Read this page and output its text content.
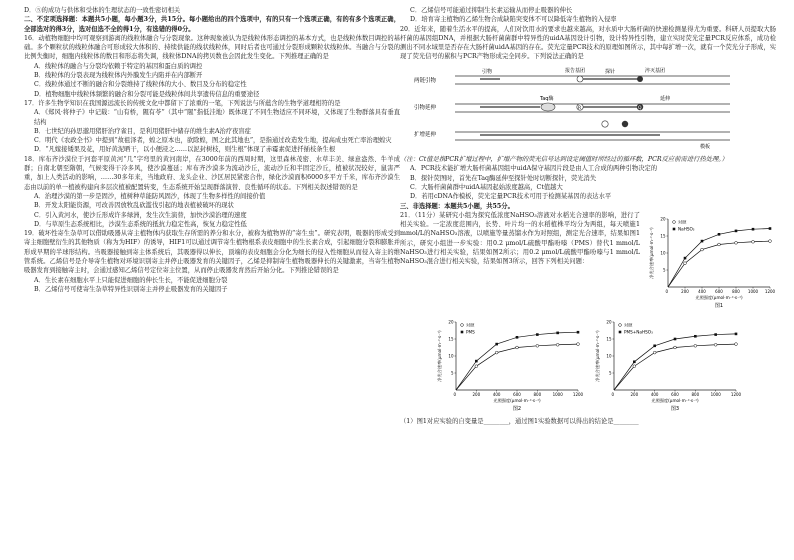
D．⑤的成功与供体和受体的生理状态的一致性密切相关

二、不定项选择题：本题共5小题，每小题3分，共15分。每小题给出的四个选项中，有的只有一个选项正确，有的有多个选项正确，全部选对的得3分，选对但选不全的得1分，有选错的得0分。

16．动植物细胞中均可观察到游离的线粒体融合与分裂现象。这种现象被认为是线粒体形态调控的基本方式，也是线粒体数目调控的基础。多个颗粒状的线粒体融合可形成较大体积的、持续供能的线状线粒体，同时后者也可通过分裂形成颗粒状线粒体。当融合与分裂的比例失衡时，细胞内线粒体的数目和形态将失调，线粒体DNA的拷贝数也会因此发生变化。下列推理正确的是

A．线粒体的融合与分裂均依赖于特定的基因和蛋白质的调控

B．线粒体的分裂表现为线粒体内外膜发生内陷并在内部断开

C．线粒体通过不断的融合和分裂维持了线粒体的大小、数目及分布的稳定性

D．植物细胞中线粒体频繁的融合和分裂可能是线粒体间共享遗传信息的重要途径

17．许多生物学知识在我国源远流长的传统文化中都留下了浓重的一笔，下列说法与所蕴含的生物学道理相符的是

A．《郑风·将仲子》中记载：“山有桥，隰有苓”（其中“隰”指低洼地）既体现了不同生物适应不同环境，又体现了生物群落具有垂直结构

B．七世纪的孙思邈用猪肝治疗雀目，是利用猪肝中储存的维生素A治疗夜盲症

C．明代《农政全书》中提到“故祖泽者，蝗之原本也，欲除蝗，图之此其地也”，是指通过改造发生地，提高成虫死亡率治理蝗灾

D．“凡嫁接矮果及花，用好黄泥晒干，以小便浸之……以泥封树枝，则生根”体现了赤霉素促进扦插枝条生根

18．库布齐沙漠位于河套平原黄河“几”字弯里的黄河南岸，在3000年前的西周时期，这里森林茂密、水草丰美、绿意盎然、牛羊成群；自南北朝至隋朝，气候变得干冷多风，使沙漠蔓延；库布齐沙漠多为流动沙丘，流动沙丘和半固定沙丘，植被状况较好，鼠害严重，加上人类活动的影响，……30多年来，当地政府、龙头企业、沙区居民紧密合作，绿化沙漠面积6000多平方千米，库布齐沙漠生态由以前的单一植被构建向多层次植被配置转变，生态系统开始呈现群落演替、良性循环的状态。下列相关叙述错误的是

A．治理沙漠的第一步是固沙，植树种草能防风固沙，体现了生物多样性的间接价值

B．开发太阳能资源，可改善因放牧乱砍滥伐引起的地表植被破坏的现状

C．引入黄河水，使沙丘形成许多绿洲，发生次生演替，加快沙漠治理的速度

D．与草原生态系统相比，沙漠生态系统的抵抗力稳定性高，恢复力稳定性低

19．破坏性寄生杂草可以借助吸器从寄主植物体内获取生存所需的养分和水分，被称为植物界的“寄生虫”。研究表明，吸器的形成受到寄主细胞壁衍生的其他物质（称为为HIF）的诱导，HIF1可以通过调节寄生植物根系表皮细胞中的生长素合成，引起细胞分裂和膨胀并形成早期的半球形结构。当吸器接触到寄主体系统后，其吸器得以伸长，顶端的表皮细胞会分化为细长的侵入性细胞从而侵入寄主的维管系统。乙烯信号是介导寄生植物对环境识别寄主并停止吸器发育的关键因子，乙烯是抑制寄生植物吸器伸长的关键激素，当寄生植物吸器发育到接触寄主时，会通过感知乙烯信号定位寄主位置，从而停止吸器发育然后开始分化。下列推论错误的是

A．生长素在细胞水平上只能促进细胞的伸长生长，不能促进细胞分裂

B．乙烯信号可使寄生杂草特异性识别寄主并停止吸器发育的关键因子

C．乙烯信号可能通过抑制生长素运输从而停止吸器的伸长

D．培育寄主植物的乙烯生物合成缺陷突变体不可以降低寄生植物的入侵率

20．近年来，随着生活水平的提高，人们对饮用水的要求也越来越高，对水质中大肠杆菌的快速检测显得尤为重要。科研人员提取大肠杆菌的基因组DNA，并根据大肠杆菌菌群中特异性的uidA基因设计引物，设计特异性引物，建立实时荧光定量PCR反应体系，成功检测出不同水域里是否存在大肠杆菌uidA基因的存在。荧光定量PCR技术的原理如图所示，其中每扩增一次，就有一个荧光分子形成，实现了荧光信号的累积与PCR产物形成完全同步。下列说法正确的是

两链引物
引物	报告基团	淬灭基团
探针
引物延伸
Taq酶
R	Q
延伸
扩增延伸
模板

（注：Ct值是指PCR扩增过程中，扩增产物的荧光信号达到设定阈值时所经过的循环数，PCR反应前需进行热处理。）

A．PCR技术能扩增大肠杆菌基因组中uidA保守基因片段是由人工合成的两种引物决定的

B．探针荧图时，首先在Taq酶延伸至探针处时切断探针，荧光消失

C．大肠杆菌菌群中uidA基因起始浓度越高，Ct值越大

D．若用cDNA作模板，荧光定量PCR技术可用于检测某基因的表达水平

三、非选择题：本题共5小题，共55分。

21．（11分）某研究小组为探究低浓度NaHSO₃溶液对水稻光合速率的影响，进行了相关实验。一定浓度范围内，长势、叶片均一的水稻植株平均分为两组，每天喷施1 mmol/L的NaHSO₃溶液，以喷施等量蒸馏水作为对照组，测定光合速率，结果如图1所示，研究小组进一步实验：用0.2 μmol/L硫酸甲酯吩嗪（PMS）替代1 mmol/L NaHSO₃进行相关实验，结果如图2所示；用0.2 μmol/L硫酸甲酯吩嗪与1 mmol/L NaHSO₃混合进行相关实验，结果如图3所示，回答下列相关问题：

200 400 600 800 1000 1200
5
10
15
20
0
光照强度(μmol·m⁻²·s⁻¹)
净光合速率(μmol·m⁻²·s⁻¹)
图1
对照
NaHSO₃
200	400	600	800	1000	1200
5
10
15
20
0
光照强度(μmol·m⁻²·s⁻¹)
净光合速率(μmol·m⁻²·s⁻¹)
图2
对照
PMS
200	400	600	800	1000	1200
5
10
15
20
0
光照强度(μmol·m⁻²·s⁻¹)
净光合速率(μmol·m⁻²·s⁻¹)
图3
对照
PMS+NaHSO₃

（1）图1对应实验的自变量是________，通过图1实验数据可以得出的结论是________
